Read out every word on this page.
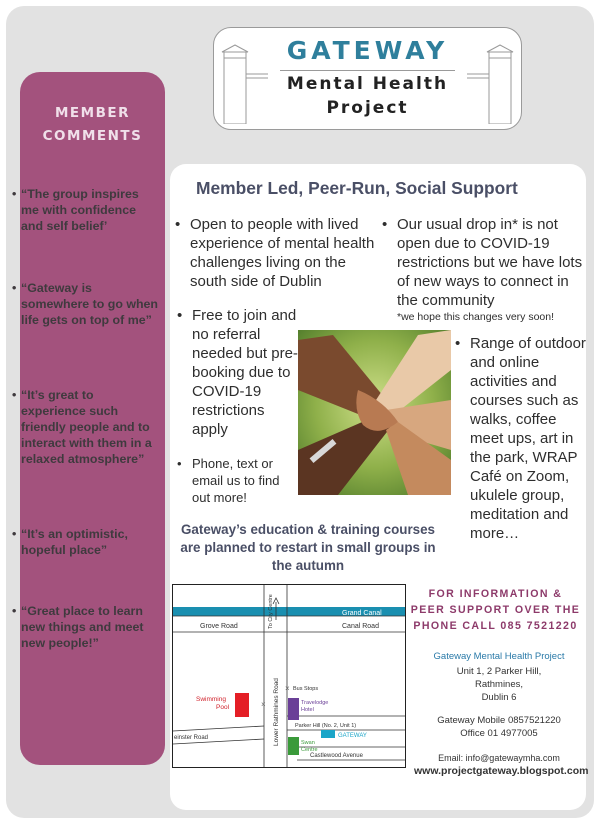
GATEWAY
Mental Health
Project
MEMBER
COMMENTS
• “The group inspires me with confidence and self belief’
• “Gateway is somewhere to go when life gets on top of me”
• “It’s great to experience such friendly people and to interact with them in a relaxed atmosphere”
• “It’s an optimistic, hopeful place”
• “Great place to learn new things and meet new people!”
Member Led, Peer-Run, Social Support
• Open to people with lived experience of mental health challenges living on the south side of Dublin
• Our usual drop in* is not open due to COVID-19 restrictions but we have lots of new ways to connect in the community
*we hope this changes very soon!
• Free to join and no referral needed but pre-booking due to COVID-19 restrictions apply
• Phone, text or email us to find out more!
• Range of outdoor and online activities and courses such as walks, coffee meet ups, art in the park, WRAP Café on Zoom, ukulele group, meditation and more…
Gateway’s education & training courses are planned to restart in small groups in the autumn
Grand Canal
Canal Road
Grove Road	To City Centre
Lower Rathmines Road
Swimming
Pool	×
× Bus Stops
Travelodge
Hotel
Parker Hill (No. 2, Unit 1)
GATEWAY
einster Road
Swan
Centre
Castlewood Avenue
FOR INFORMATION &
PEER SUPPORT OVER THE
PHONE CALL 085 7521220
Gateway Mental Health Project
Unit 1, 2 Parker Hill,
Rathmines,
Dublin 6
Gateway Mobile 0857521220
Office 01 4977005
Email: info@gatewaymha.com
www.projectgateway.blogspot.com
